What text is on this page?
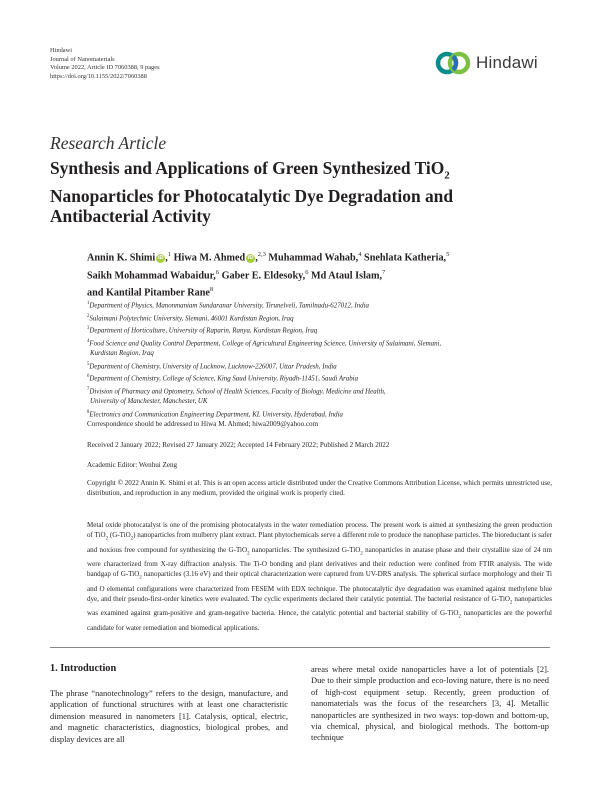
Hindawi
Journal of Nanomaterials
Volume 2022, Article ID 7060388, 9 pages
https://doi.org/10.1155/2022/7060388
Hindawi
Research Article
Synthesis and Applications of Green Synthesized TiO$_2$
Nanoparticles for Photocatalytic Dye Degradation and Antibacterial Activity
Annin K. Shimi iD ,$^1$ Hiwa M. Ahmed iD ,$^{2,3}$ Muhammad Wahab,$^4$ Snehlata Katheria,$^5$
Saikh Mohammad Wabaidur,$^6$ Gaber E. Eldesoky,$^6$ Md Ataul Islam,$^7$
and Kantilal Pitamber Rane$^8$
$^1$Department of Physics, Manonmaniam Sundaranar University, Tirunelveli, Tamilnadu-627012, India
$^2$Sulaimani Polytechnic University, Slemani, 46001 Kurdistan Region, Iraq
$^3$Department of Horticulture, University of Raparin, Ranya, Kurdistan Region, Iraq
$^4$Food Science and Quality Control Department, College of Agricultural Engineering Science, University of Sulaimani, Slemani,
Kurdistan Region, Iraq
$^5$Department of Chemistry, University of Lucknow, Lucknow-226007, Uttar Pradesh, India
$^6$Department of Chemistry, College of Science, King Saud University, Riyadh-11451, Saudi Arabia
$^7$Division of Pharmacy and Optometry, School of Health Sciences, Faculty of Biology, Medicine and Health,
University of Manchester, Manchester, UK
$^8$Electronics and Communication Engineering Department, KL University, Hyderabad, India
Correspondence should be addressed to Hiwa M. Ahmed; hiwa2009@yahoo.com
Received 2 January 2022; Revised 27 January 2022; Accepted 14 February 2022; Published 2 March 2022
Academic Editor: Wenhui Zeng
Copyright © 2022 Annin K. Shimi et al. This is an open access article distributed under the Creative Commons Attribution License, which permits unrestricted use, distribution, and reproduction in any medium, provided the original work is properly cited.
Metal oxide photocatalyst is one of the promising photocatalysts in the water remediation process. The present work is aimed at synthesizing the green production of TiO$_2$ (G-TiO$_2$) nanoparticles from mulberry plant extract. Plant phytochemicals serve a different role to produce the nanophase particles. The bioreductant is safer and noxious free compound for synthesizing the G-TiO$_2$ nanoparticles. The synthesized G-TiO$_2$ nanoparticles in anatase phase and their crystallite size of 24 nm were characterized from X-ray diffraction analysis. The Ti-O bonding and plant derivatives and their reduction were confined from FTIR analysis. The wide bandgap of G-TiO$_2$ nanoparticles (3.16 eV) and their optical characterization were captured from UV-DRS analysis. The spherical surface morphology and their Ti and O elemental configurations were characterized from FESEM with EDX technique. The photocatalytic dye degradation was examined against methylene blue dye, and their pseudo-first-order kinetics were evaluated. The cyclic experiments declared their catalytic potential. The bacterial resistance of G-TiO$_2$ nanoparticles was examined against gram-positive and gram-negative bacteria. Hence, the catalytic potential and bacterial stability of G-TiO$_2$ nanoparticles are the powerful candidate for water remediation and biomedical applications.
1. Introduction
The phrase “nanotechnology” refers to the design, manufacture, and application of functional structures with at least one characteristic dimension measured in nanometers [1]. Catalysis, optical, electric, and magnetic characteristics, diagnostics, biological probes, and display devices are all
areas where metal oxide nanoparticles have a lot of potentials [2]. Due to their simple production and eco-loving nature, there is no need of high-cost equipment setup. Recently, green production of nanomaterials was the focus of the researchers [3, 4]. Metallic nanoparticles are synthesized in two ways: top-down and bottom-up, via chemical, physical, and biological methods. The bottom-up technique
